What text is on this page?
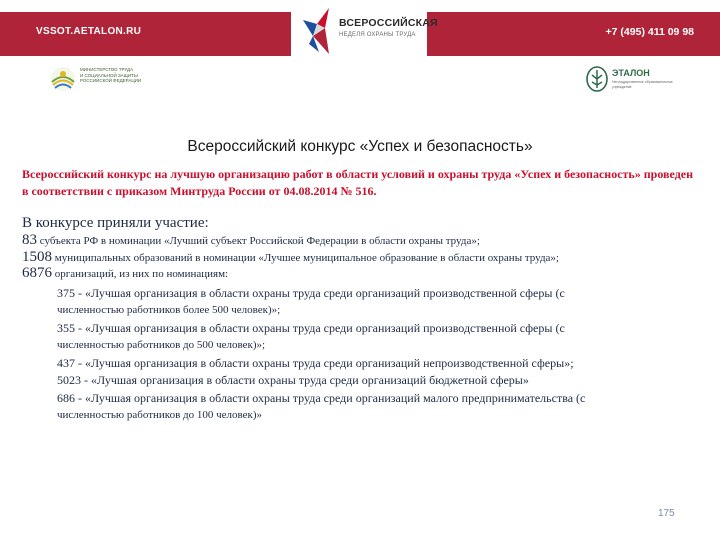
VSSOT.AETALON.RU	+7 (495) 411 09 98
ВСЕРОССИЙСКАЯ
НЕДЕЛЯ ОХРАНЫ ТРУДА
МИНИСТЕРСТВО ТРУДА
И СОЦИАЛЬНОЙ ЗАЩИТЫ
РОССИЙСКОЙ ФЕДЕРАЦИИ
ЭТАЛОН
Негосударственное образовательное учреждение
Всероссийский конкурс «Успех и безопасность»
Всероссийский конкурс на лучшую организацию работ в области условий и охраны труда «Успех и безопасность» проведен в соответствии с приказом Минтруда России от 04.08.2014 № 516.
В конкурсе приняли участие:
83 субъекта РФ в номинации «Лучший субъект Российской Федерации в области охраны труда»;
1508 муниципальных образований в номинации «Лучшее муниципальное образование в области охраны труда»;
6876 организаций, из них по номинациям:
375 - «Лучшая организация в области охраны труда среди организаций производственной сферы (с
численностью работников более 500 человек)»;
355 - «Лучшая организация в области охраны труда среди организаций производственной сферы (с
численностью работников до 500 человек)»;
437 - «Лучшая организация в области охраны труда среди организаций непроизводственной сферы»;
5023 - «Лучшая организация в области охраны труда среди организаций бюджетной сферы»
686 - «Лучшая организация в области охраны труда среди организаций малого предпринимательства (с
численностью работников до 100 человек)»
175
